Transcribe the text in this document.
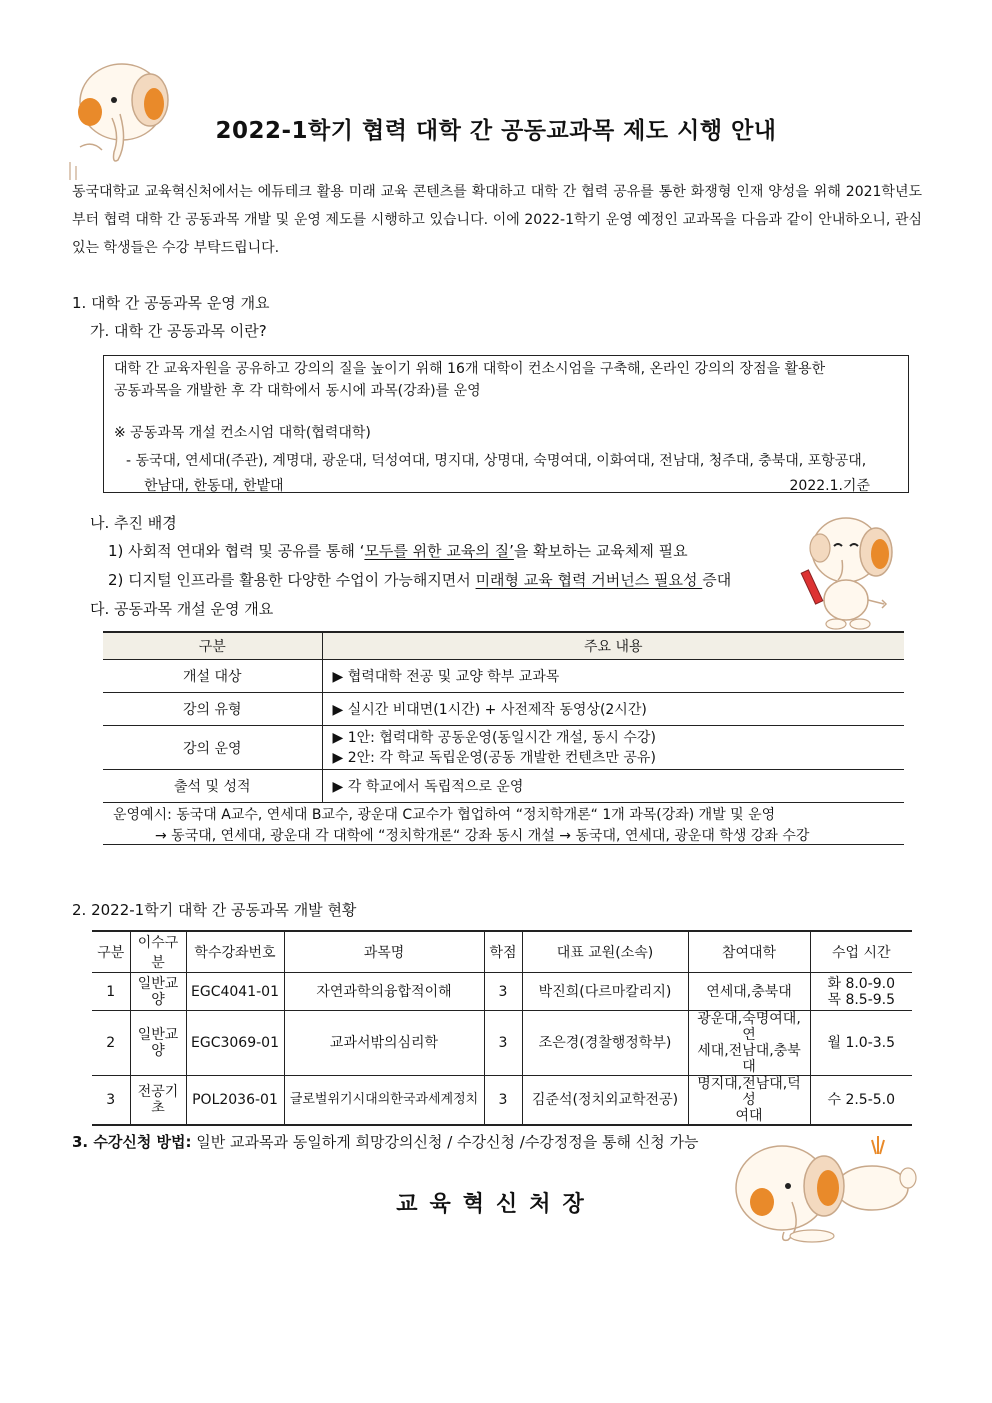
2022-1학기 협력 대학 간 공동교과목 제도 시행 안내
동국대학교 교육혁신처에서는 에듀테크 활용 미래 교육 콘텐츠를 확대하고 대학 간 협력 공유를 통한 화쟁형 인재 양성을 위해 2021학년도부터 협력 대학 간 공동과목 개발 및 운영 제도를 시행하고 있습니다. 이에 2022-1학기 운영 예정인 교과목을 다음과 같이 안내하오니, 관심있는 학생들은 수강 부탁드립니다.
1. 대학 간 공동과목 운영 개요
가. 대학 간 공동과목 이란?
대학 간 교육자원을 공유하고 강의의 질을 높이기 위해 16개 대학이 컨소시엄을 구축해, 온라인 강의의 장점을 활용한
공동과목을 개발한 후 각 대학에서 동시에 과목(강좌)를 운영
※ 공동과목 개설 컨소시엄 대학(협력대학)
- 동국대, 연세대(주관), 계명대, 광운대, 덕성여대, 명지대, 상명대, 숙명여대, 이화여대, 전남대, 청주대, 충북대, 포항공대,
한남대, 한동대, 한밭대	2022.1.기준
나. 추진 배경
1) 사회적 연대와 협력 및 공유를 통해 ‘모두를 위한 교육의 질’을 확보하는 교육체제 필요
2) 디지털 인프라를 활용한 다양한 수업이 가능해지면서 미래형 교육 협력 거버넌스 필요성 증대
다. 공동과목 개설 운영 개요
구분	주요 내용
개설 대상	▶ 협력대학 전공 및 교양 학부 교과목
강의 유형	▶ 실시간 비대면(1시간) + 사전제작 동영상(2시간)
강의 운영	▶ 1안: 협력대학 공동운영(동일시간 개설, 동시 수강)
▶ 2안: 각 학교 독립운영(공동 개발한 컨텐츠만 공유)

출석 및 성적	▶ 각 학교에서 독립적으로 운영
운영예시: 동국대 A교수, 연세대 B교수, 광운대 C교수가 협업하여 “정치학개론“ 1개 과목(강좌) 개발 및 운영
→ 동국대, 연세대, 광운대 각 대학에 “정치학개론“ 강좌 동시 개설 → 동국대, 연세대, 광운대 학생 강좌 수강
2. 2022-1학기 대학 간 공동과목 개발 현황
구분	이수구분	학수강좌번호	과목명	학점	대표 교원(소속)	참여대학	수업 시간
1	일반교양	EGC4041-01	자연과학의융합적이해	3	박진희(다르마칼리지)	연세대,충북대	화 8.0-9.0
목 8.5-9.5

2	일반교양	EGC3069-01	교과서밖의심리학	3	조은경(경찰행정학부)	광운대,숙명여대,연
세대,전남대,충북대	월 1.0-3.5

3	전공기초	POL2036-01	글로벌위기시대의한국과세계정치	3	김준석(정치외교학전공)	명지대,전남대,덕성
여대	수 2.5-5.0
3. 수강신청 방법: 일반 교과목과 동일하게 희망강의신청 / 수강신청 /수강정정을 통해 신청 가능
교육혁신처장
